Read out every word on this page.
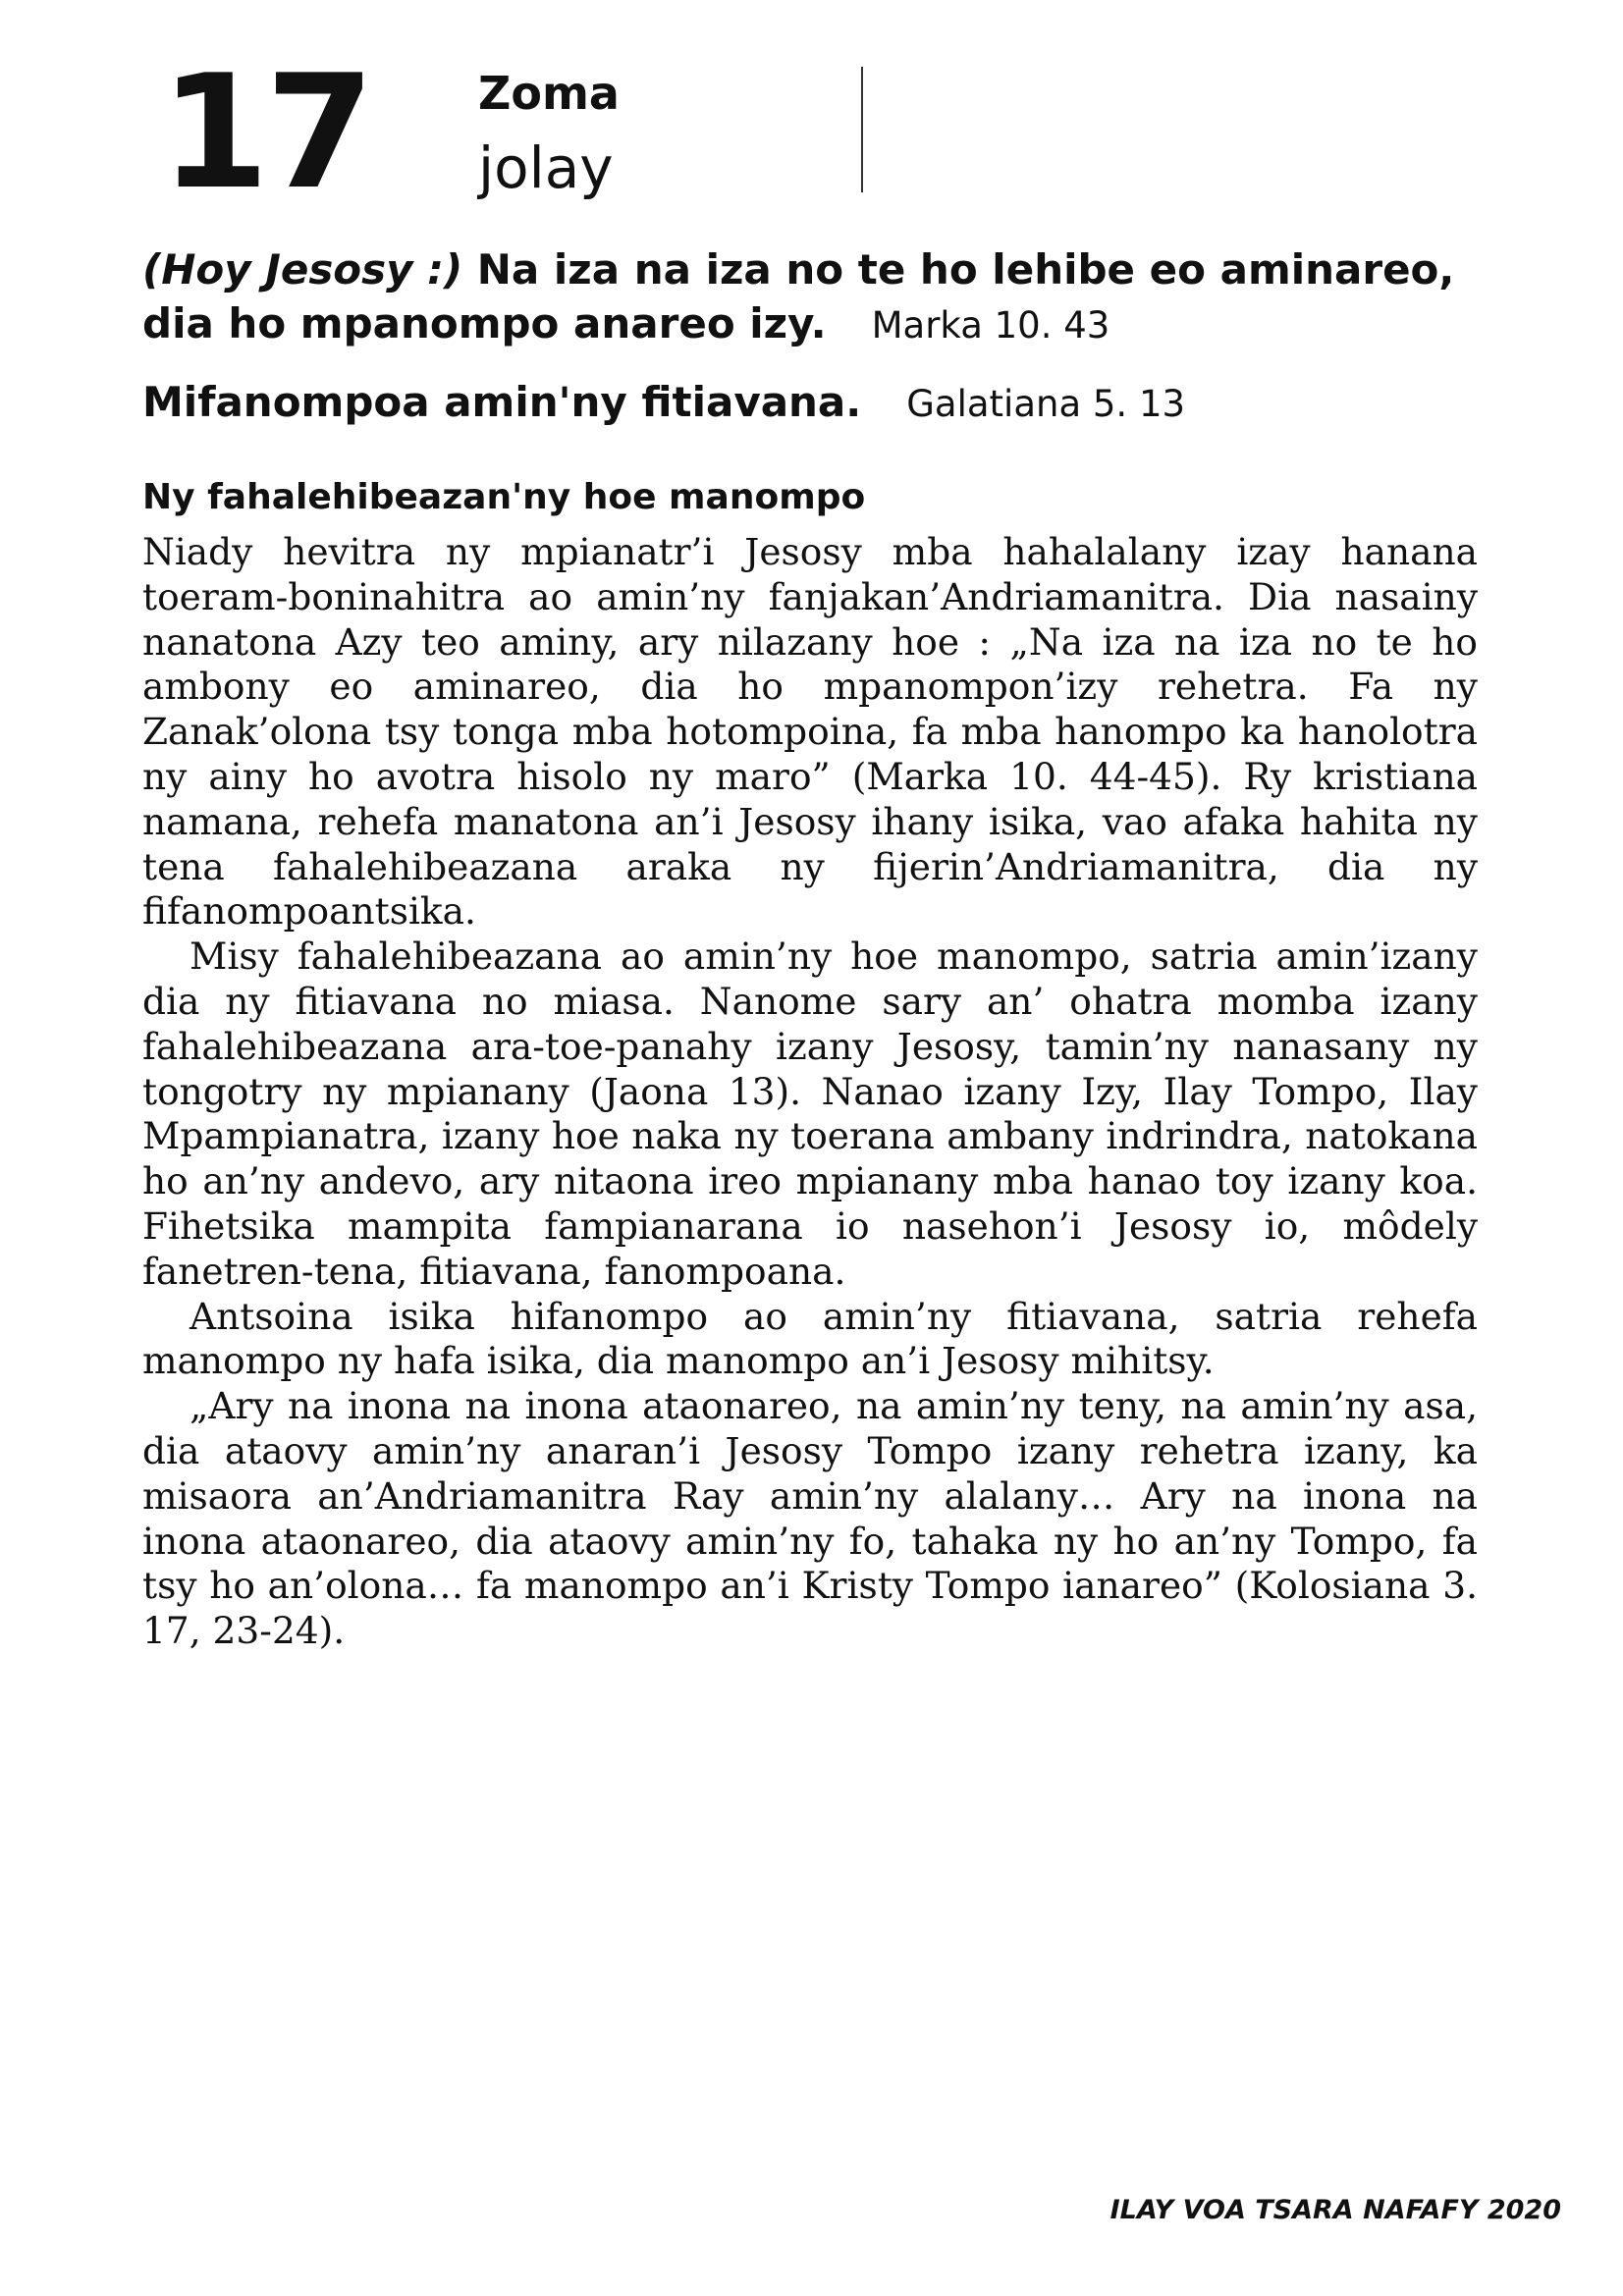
17 Zoma
jolay
(Hoy Jesosy :) Na iza na iza no te ho lehibe eo aminareo, dia ho mpanompo anareo izy. Marka 10. 43
Mifanompoa amin'ny fitiavana. Galatiana 5. 13
Ny fahalehibeazan'ny hoe manompo

Niady hevitra ny mpianatr’i Jesosy mba hahalalany izay hanana toeram-boninahitra ao amin’ny fanjakan’Andriamanitra. Dia nasainy nanatona Azy teo aminy, ary nilazany hoe : „Na iza na iza no te ho ambony eo aminareo, dia ho mpanompon’izy rehetra. Fa ny Zanak’olona tsy tonga mba hotompoina, fa mba hanompo ka hanolotra ny ainy ho avotra hisolo ny maro” (Marka 10. 44-45). Ry kristiana namana, rehefa manatona an’i Jesosy ihany isika, vao afaka hahita ny tena fahalehibeazana araka ny fijerin’Andriamanitra, dia ny fifanompoantsika.

Misy fahalehibeazana ao amin’ny hoe manompo, satria amin’izany dia ny fitiavana no miasa. Nanome sary an’ ohatra momba izany fahalehibeazana ara-toe-panahy izany Jesosy, tamin’ny nanasany ny tongotry ny mpianany (Jaona 13). Nanao izany Izy, Ilay Tompo, Ilay Mpampianatra, izany hoe naka ny toerana ambany indrindra, natokana ho an’ny andevo, ary nitaona ireo mpianany mba hanao toy izany koa. Fihetsika mampita fampianarana io nasehon’i Jesosy io, môdely fanetren-tena, fitiavana, fanompoana.

Antsoina isika hifanompo ao amin’ny fitiavana, satria rehefa manompo ny hafa isika, dia manompo an’i Jesosy mihitsy.

„Ary na inona na inona ataonareo, na amin’ny teny, na amin’ny asa, dia ataovy amin’ny anaran’i Jesosy Tompo izany rehetra izany, ka misaora an’Andriamanitra Ray amin’ny alalany… Ary na inona na inona ataonareo, dia ataovy amin’ny fo, tahaka ny ho an’ny Tompo, fa tsy ho an’olona… fa manompo an’i Kristy Tompo ianareo” (Kolosiana 3. 17, 23-24).

ILAY VOA TSARA NAFAFY 2020
